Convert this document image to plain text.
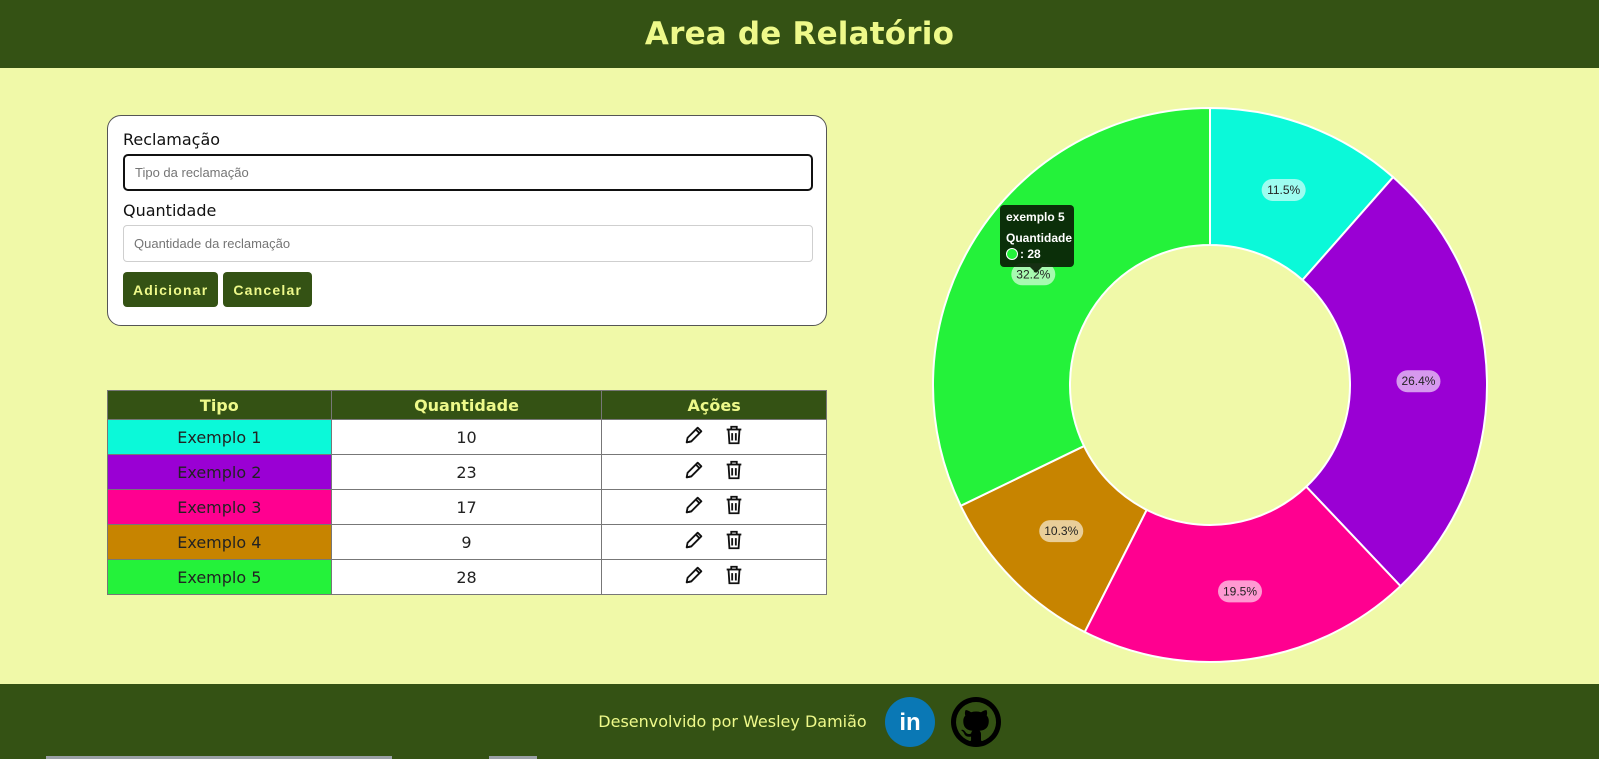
Area de Relatório
Reclamação
Tipo da reclamação
Quantidade
Quantidade da reclamação
Adicionar	Cancelar
Tipo	Quantidade	Ações
Exemplo 1	10	

Exemplo 2	23	

Exemplo 3	17	

Exemplo 4	9	

Exemplo 5	28	
11.5%
26.4%
19.5%
10.3%
32.2%
exemplo 5
Quantidade
: 28
Desenvolvido por Wesley Damião in
